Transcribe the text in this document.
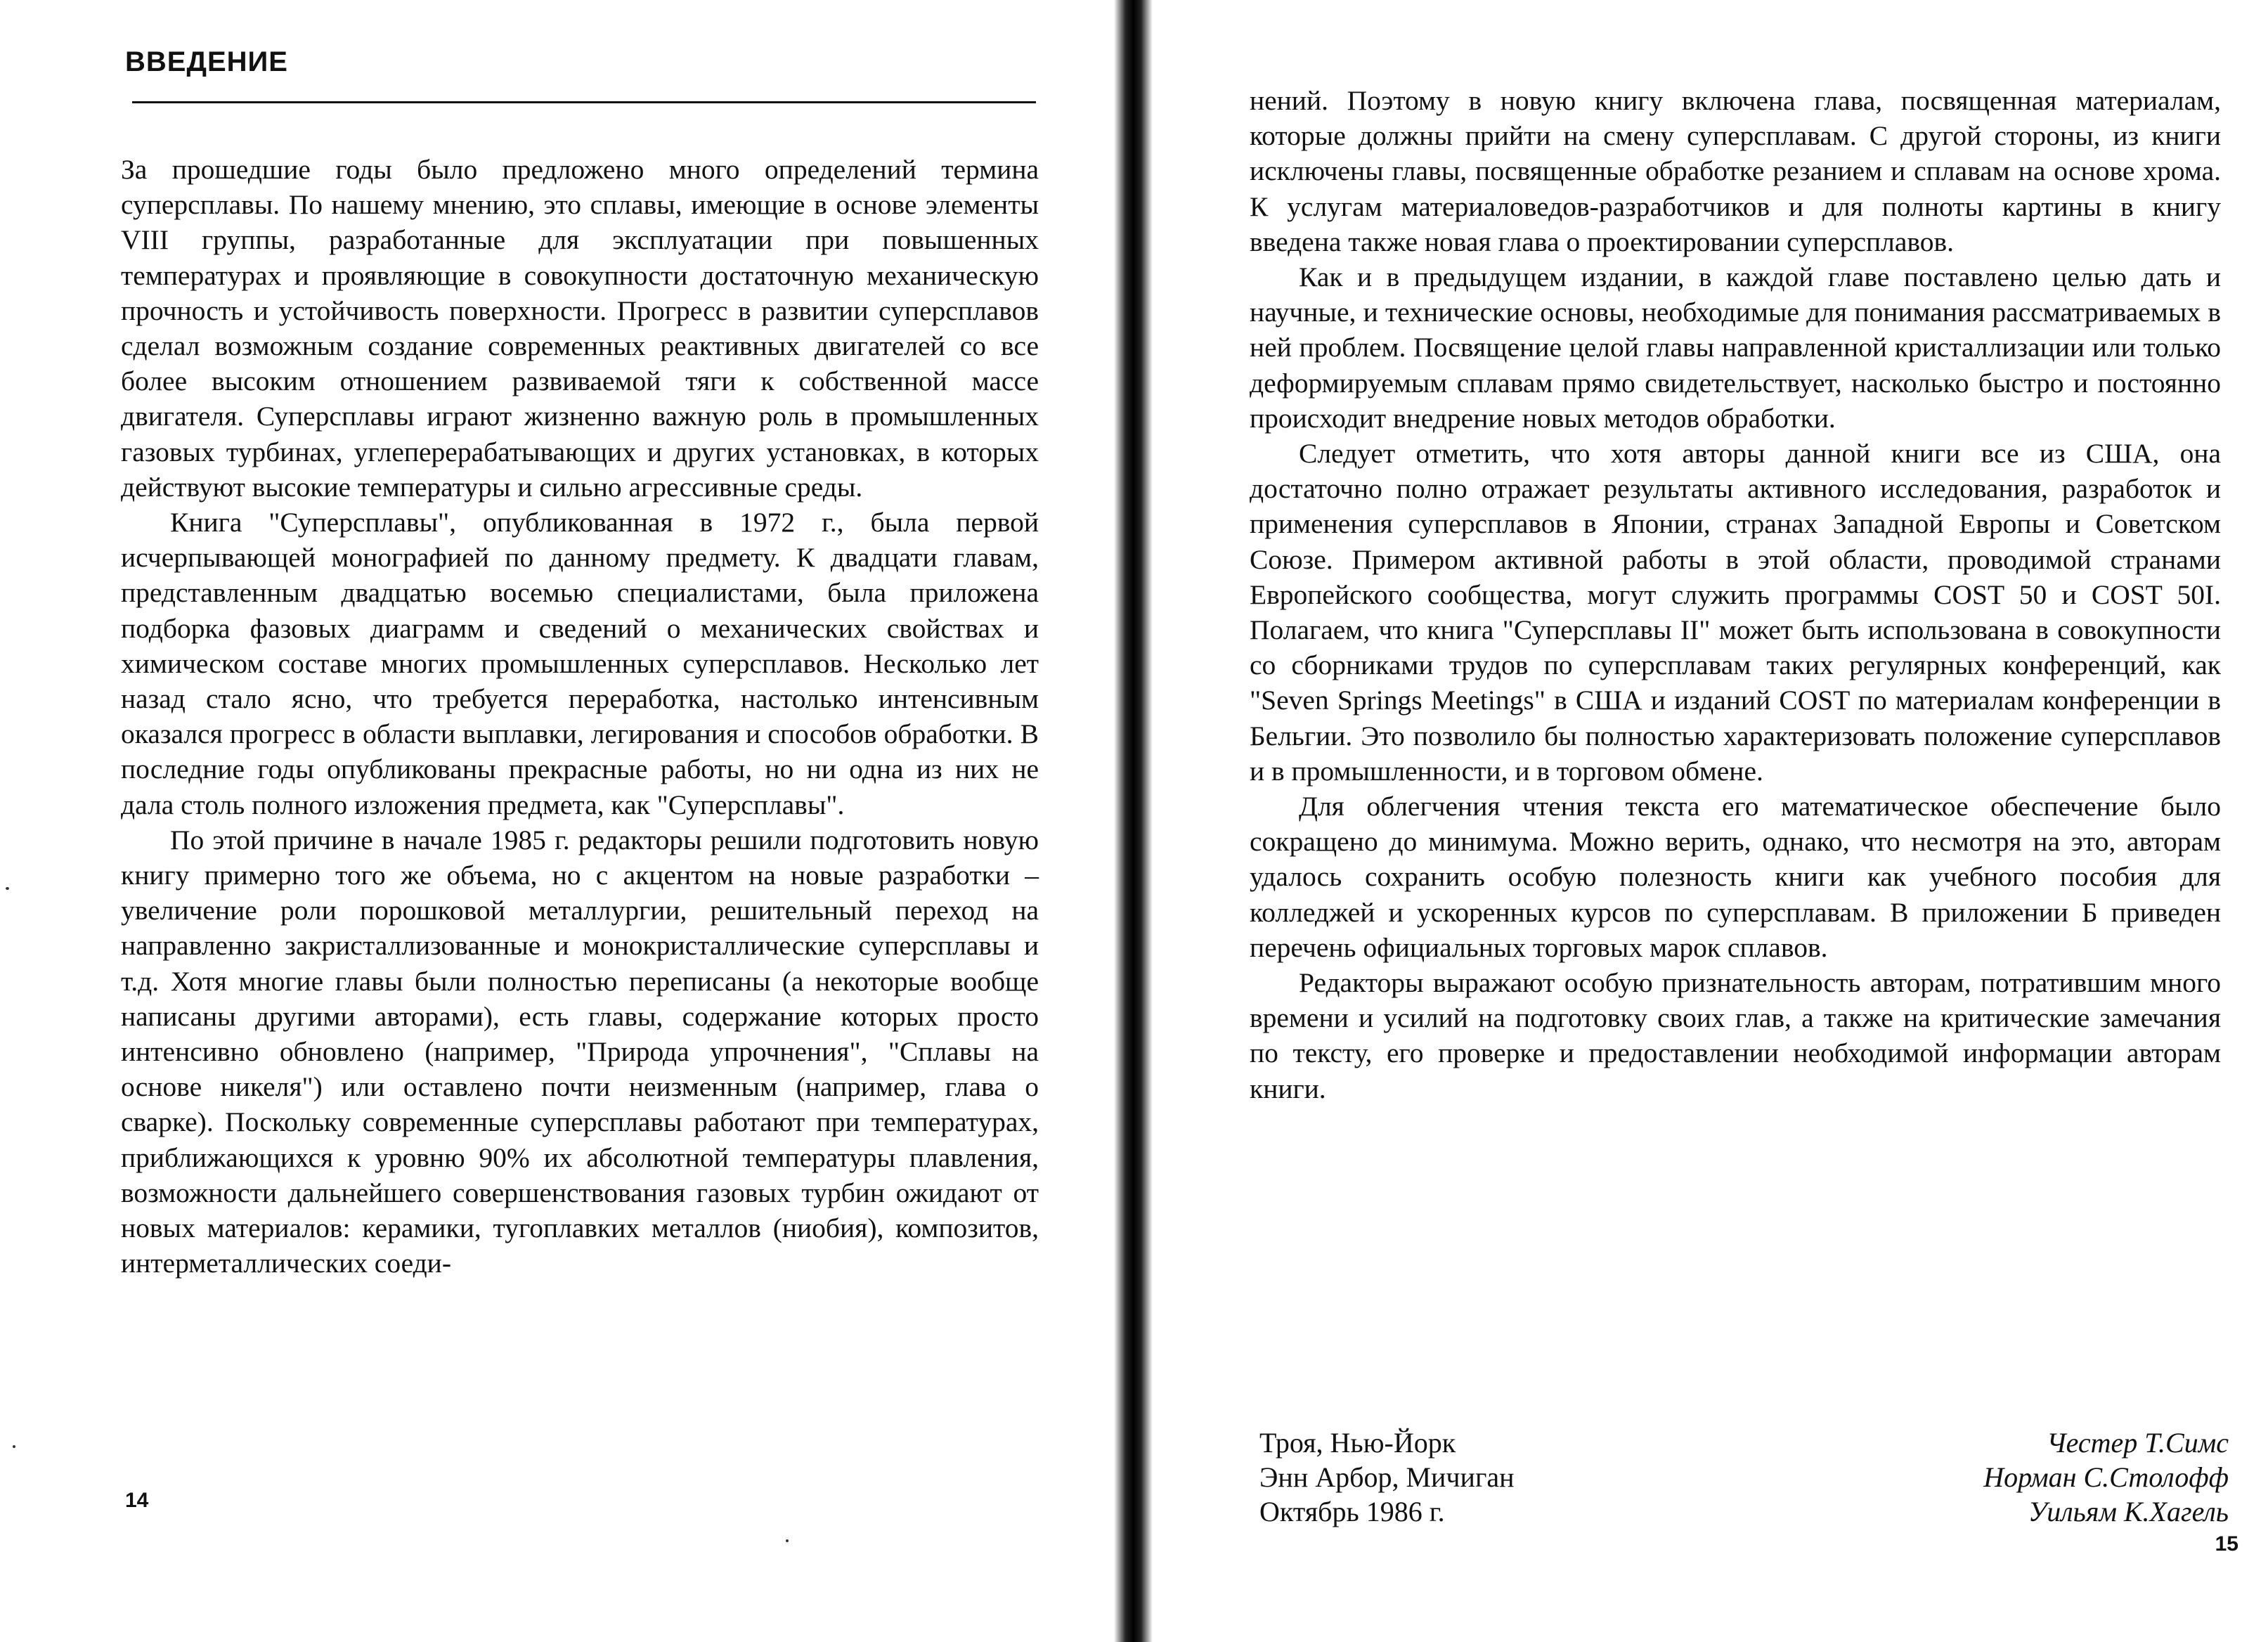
ВВЕДЕНИЕ

За прошедшие годы было предложено много определений термина суперсплавы. По нашему мнению, это сплавы, имеющие в основе элементы VIII группы, разработанные для эксплуатации при повышенных температурах и проявляющие в совокупности достаточную механическую прочность и устойчивость поверхности. Прогресс в развитии суперсплавов сделал возможным создание современных реактивных двигателей со все более высоким отношением развиваемой тяги к собственной массе двигателя. Суперсплавы играют жизненно важную роль в промышленных газовых турбинах, углеперерабатывающих и других установках, в которых действуют высокие температуры и сильно агрессивные среды.

Книга "Суперсплавы", опубликованная в 1972 г., была первой исчерпывающей монографией по данному предмету. К двадцати главам, представленным двадцатью восемью специалистами, была приложена подборка фазовых диаграмм и сведений о механических свойствах и химическом составе многих промышленных суперсплавов. Несколько лет назад стало ясно, что требуется переработка, настолько интенсивным оказался прогресс в области выплавки, легирования и способов обработки. В последние годы опубликованы прекрасные работы, но ни одна из них не дала столь полного изложения предмета, как "Суперсплавы".

По этой причине в начале 1985 г. редакторы решили подготовить новую книгу примерно того же объема, но с акцентом на новые разработки – увеличение роли порошковой металлургии, решительный переход на направленно закристаллизованные и монокристаллические суперсплавы и т.д. Хотя многие главы были полностью переписаны (а некоторые вообще написаны другими авторами), есть главы, содержание которых просто интенсивно обновлено (например, "Природа упрочнения", "Сплавы на основе никеля") или оставлено почти неизменным (например, глава о сварке). Поскольку современные суперсплавы работают при температурах, приближающихся к уровню 90% их абсолютной температуры плавления, возможности дальнейшего совершенствования газовых турбин ожидают от новых материалов: керамики, тугоплавких металлов (ниобия), композитов, интерметаллических соеди-

14

нений. Поэтому в новую книгу включена глава, посвященная материалам, которые должны прийти на смену суперсплавам. С другой стороны, из книги исключены главы, посвященные обработке резанием и сплавам на основе хрома. К услугам материаловедов-разработчиков и для полноты картины в книгу введена также новая глава о проектировании суперсплавов.

Как и в предыдущем издании, в каждой главе поставлено целью дать и научные, и технические основы, необходимые для понимания рассматриваемых в ней проблем. Посвящение целой главы направленной кристаллизации или только деформируемым сплавам прямо свидетельствует, насколько быстро и постоянно происходит внедрение новых методов обработки.

Следует отметить, что хотя авторы данной книги все из США, она достаточно полно отражает результаты активного исследования, разработок и применения суперсплавов в Японии, странах Западной Европы и Советском Союзе. Примером активной работы в этой области, проводимой странами Европейского сообщества, могут служить программы COST 50 и COST 50I. Полагаем, что книга "Суперсплавы II" может быть использована в совокупности со сборниками трудов по суперсплавам таких регулярных конференций, как "Seven Springs Meetings" в США и изданий COST по материалам конференции в Бельгии. Это позволило бы полностью характеризовать положение суперсплавов и в промышленности, и в торговом обмене.

Для облегчения чтения текста его математическое обеспечение было сокращено до минимума. Можно верить, однако, что несмотря на это, авторам удалось сохранить особую полезность книги как учебного пособия для колледжей и ускоренных курсов по суперсплавам. В приложении Б приведен перечень официальных торговых марок сплавов.

Редакторы выражают особую признательность авторам, потратившим много времени и усилий на подготовку своих глав, а также на критические замечания по тексту, его проверке и предоставлении необходимой информации авторам книги.

Троя, Нью-Йорк
Энн Арбор, Мичиган
Октябрь 1986 г.
Честер Т.Симс
Норман С.Столофф
Уильям К.Хагель
15
